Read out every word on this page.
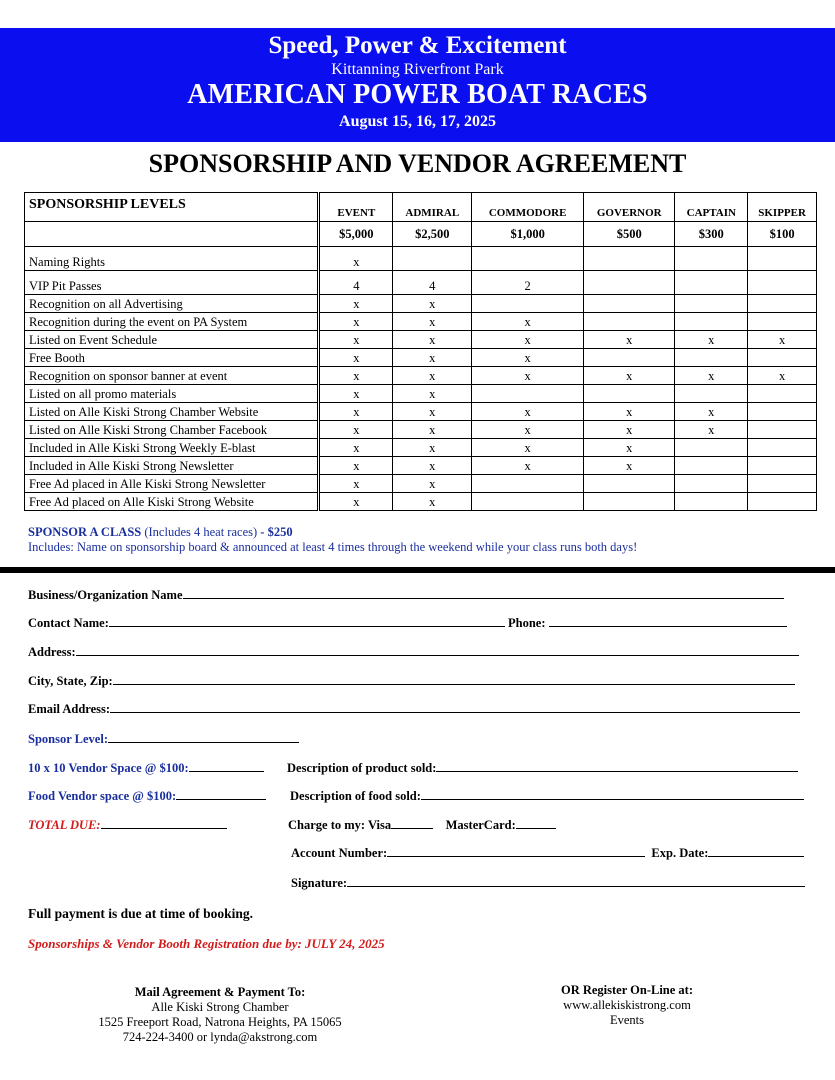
Speed, Power & Excitement
Kittanning Riverfront Park
AMERICAN POWER BOAT RACES
August 15, 16, 17, 2025
SPONSORSHIP AND VENDOR AGREEMENT
SPONSORSHIP LEVELS	EVENT	ADMIRAL	COMMODORE	GOVERNOR	CAPTAIN	SKIPPER
	$5,000	$2,500	$1,000	$500	$300	$100
Naming Rights	x					
VIP Pit Passes	4	4	2			
Recognition on all Advertising	x	x				
Recognition during the event on PA System	x	x	x			
Listed on Event Schedule	x	x	x	x	x	x
Free Booth	x	x	x			
Recognition on sponsor banner at event	x	x	x	x	x	x
Listed on all promo materials	x	x				
Listed on Alle Kiski Strong Chamber Website	x	x	x	x	x	
Listed on Alle Kiski Strong Chamber Facebook	x	x	x	x	x	
Included in Alle Kiski Strong Weekly E-blast	x	x	x	x		
Included in Alle Kiski Strong Newsletter	x	x	x	x		
Free Ad placed in Alle Kiski Strong Newsletter	x	x				
Free Ad placed on Alle Kiski Strong Website	x	x				
SPONSOR A CLASS (Includes 4 heat races) - $250
Includes: Name on sponsorship board & announced at least 4 times through the weekend while your class runs both days!
Business/Organization Name
Contact Name:	Phone:
Address:
City, State, Zip:
Email Address:
Sponsor Level:
10 x 10 Vendor Space @ $100:	Description of product sold:
Food Vendor space @ $100:	Description of food sold:
TOTAL DUE:	Charge to my: Visa	MasterCard:
Account Number:	Exp. Date:
Signature:
Full payment is due at time of booking.
Sponsorships & Vendor Booth Registration due by: JULY 24, 2025
Mail Agreement & Payment To:
Alle Kiski Strong Chamber
1525 Freeport Road, Natrona Heights, PA 15065
724-224-3400 or lynda@akstrong.com
OR Register On-Line at:
www.allekiskistrong.com
Events
